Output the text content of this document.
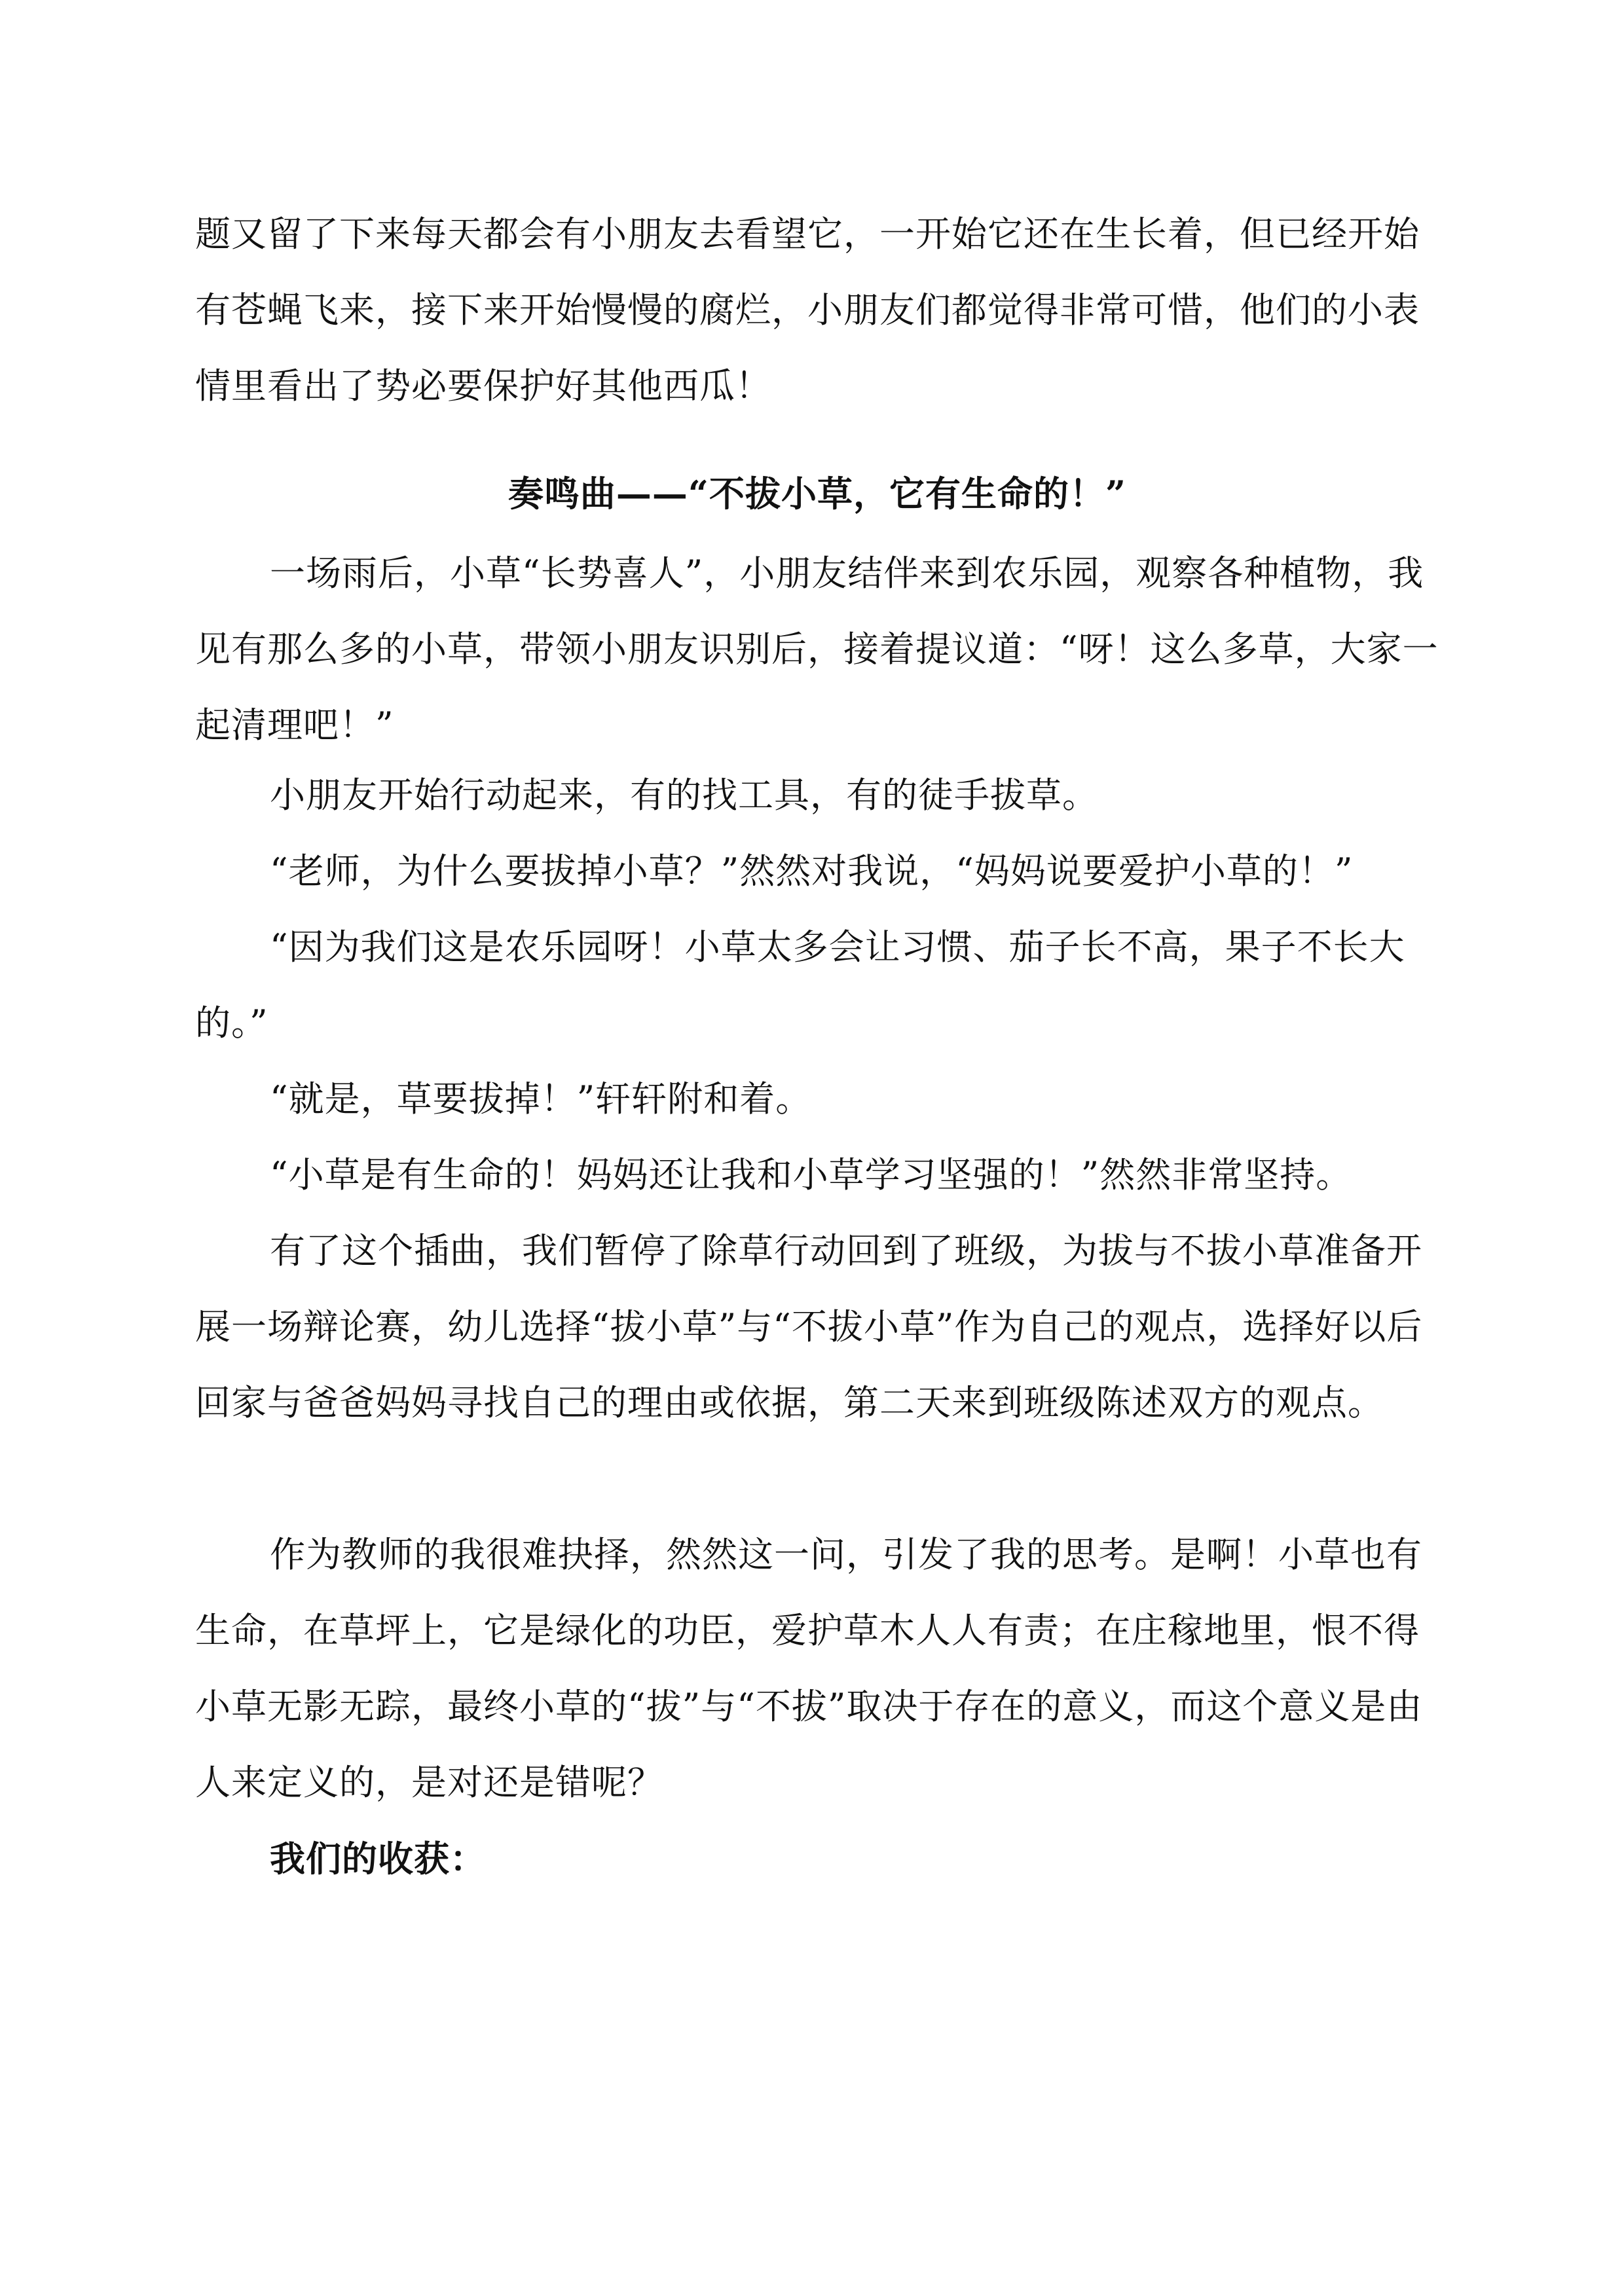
题又留了下来每天都会有小朋友去看望它，一开始它还在生长着，但已经开始有苍蝇飞来，接下来开始慢慢的腐烂，小朋友们都觉得非常可惜，他们的小表情里看出了势必要保护好其他西瓜！

奏鸣曲——“不拔小草，它有生命的！”

一场雨后，小草“长势喜人”，小朋友结伴来到农乐园，观察各种植物，我见有那么多的小草，带领小朋友识别后，接着提议道：“呀！这么多草，大家一起清理吧！”

小朋友开始行动起来，有的找工具，有的徒手拔草。

“老师，为什么要拔掉小草？”然然对我说，“妈妈说要爱护小草的！”

“因为我们这是农乐园呀！小草太多会让习惯、茄子长不高，果子不长大的。”

“就是，草要拔掉！”轩轩附和着。

“小草是有生命的！妈妈还让我和小草学习坚强的！”然然非常坚持。

有了这个插曲，我们暂停了除草行动回到了班级，为拔与不拔小草准备开展一场辩论赛，幼儿选择“拔小草”与“不拔小草”作为自己的观点，选择好以后回家与爸爸妈妈寻找自己的理由或依据，第二天来到班级陈述双方的观点。

作为教师的我很难抉择，然然这一问，引发了我的思考。是啊！小草也有生命，在草坪上，它是绿化的功臣，爱护草木人人有责；在庄稼地里，恨不得小草无影无踪，最终小草的“拔”与“不拔”取决于存在的意义，而这个意义是由人来定义的，是对还是错呢？

我们的收获：
